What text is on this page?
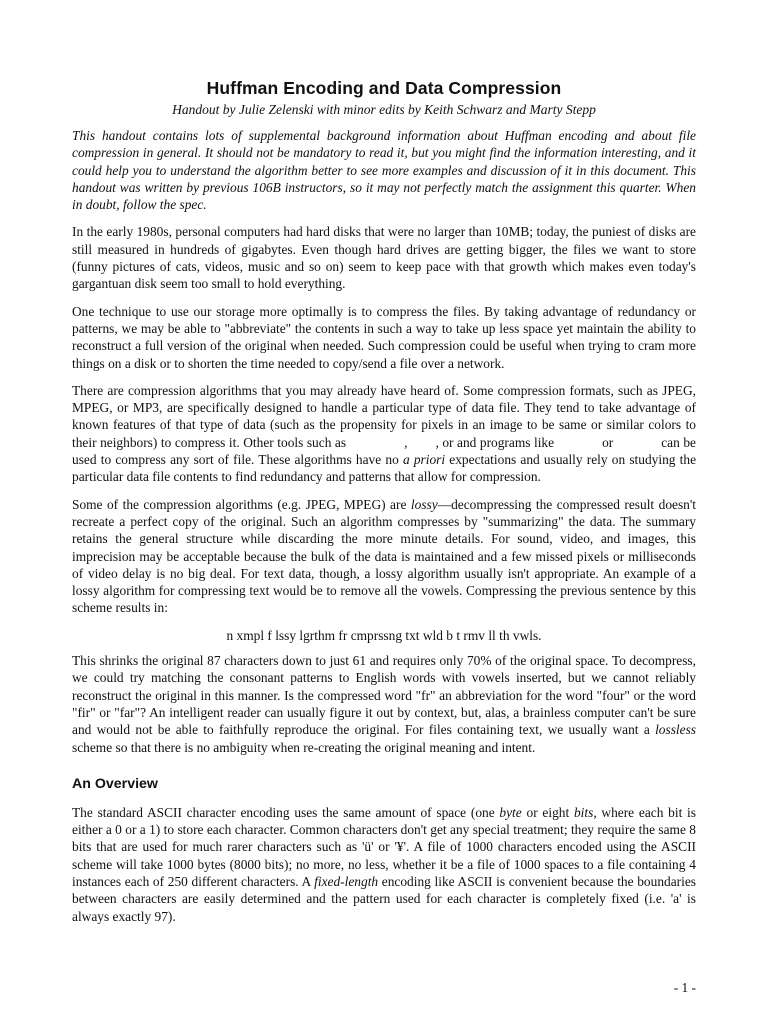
Huffman Encoding and Data Compression
Handout by Julie Zelenski with minor edits by Keith Schwarz and Marty Stepp

This handout contains lots of supplemental background information about Huffman encoding and about file compression in general. It should not be mandatory to read it, but you might find the information interesting, and it could help you to understand the algorithm better to see more examples and discussion of it in this document. This handout was written by previous 106B instructors, so it may not perfectly match the assignment this quarter. When in doubt, follow the spec.

In the early 1980s, personal computers had hard disks that were no larger than 10MB; today, the puniest of disks are still measured in hundreds of gigabytes. Even though hard drives are getting bigger, the files we want to store (funny pictures of cats, videos, music and so on) seem to keep pace with that growth which makes even today's gargantuan disk seem too small to hold everything.

One technique to use our storage more optimally is to compress the files. By taking advantage of redundancy or patterns, we may be able to "abbreviate" the contents in such a way to take up less space yet maintain the ability to reconstruct a full version of the original when needed. Such compression could be useful when trying to cram more things on a disk or to shorten the time needed to copy/send a file over a network.

There are compression algorithms that you may already have heard of. Some compression formats, such as JPEG, MPEG, or MP3, are specifically designed to handle a particular type of data file. They tend to take advantage of known features of that type of data (such as the propensity for pixels in an image to be same or similar colors to their neighbors) to compress it. Other tools such as	, , or and programs like	or	can be used to compress any sort of file. These algorithms have no a priori expectations and usually rely on studying the particular data file contents to find redundancy and patterns that allow for compression.

Some of the compression algorithms (e.g. JPEG, MPEG) are lossy—decompressing the compressed result doesn't recreate a perfect copy of the original. Such an algorithm compresses by "summarizing" the data. The summary retains the general structure while discarding the more minute details. For sound, video, and images, this imprecision may be acceptable because the bulk of the data is maintained and a few missed pixels or milliseconds of video delay is no big deal. For text data, though, a lossy algorithm usually isn't appropriate. An example of a lossy algorithm for compressing text would be to remove all the vowels. Compressing the previous sentence by this scheme results in:

n xmpl f lssy lgrthm fr cmprssng txt wld b t rmv ll th vwls.

This shrinks the original 87 characters down to just 61 and requires only 70% of the original space. To decompress, we could try matching the consonant patterns to English words with vowels inserted, but we cannot reliably reconstruct the original in this manner. Is the compressed word "fr" an abbreviation for the word "four" or the word "fir" or "far"? An intelligent reader can usually figure it out by context, but, alas, a brainless computer can't be sure and would not be able to faithfully reproduce the original. For files containing text, we usually want a lossless scheme so that there is no ambiguity when re-creating the original meaning and intent.

An Overview

The standard ASCII character encoding uses the same amount of space (one byte or eight bits, where each bit is either a 0 or a 1) to store each character. Common characters don't get any special treatment; they require the same 8 bits that are used for much rarer characters such as 'ü' or '¥'. A file of 1000 characters encoded using the ASCII scheme will take 1000 bytes (8000 bits); no more, no less, whether it be a file of 1000 spaces to a file containing 4 instances each of 250 different characters. A fixed-length encoding like ASCII is convenient because the boundaries between characters are easily determined and the pattern used for each character is completely fixed (i.e. 'a' is always exactly 97).

- 1 -
